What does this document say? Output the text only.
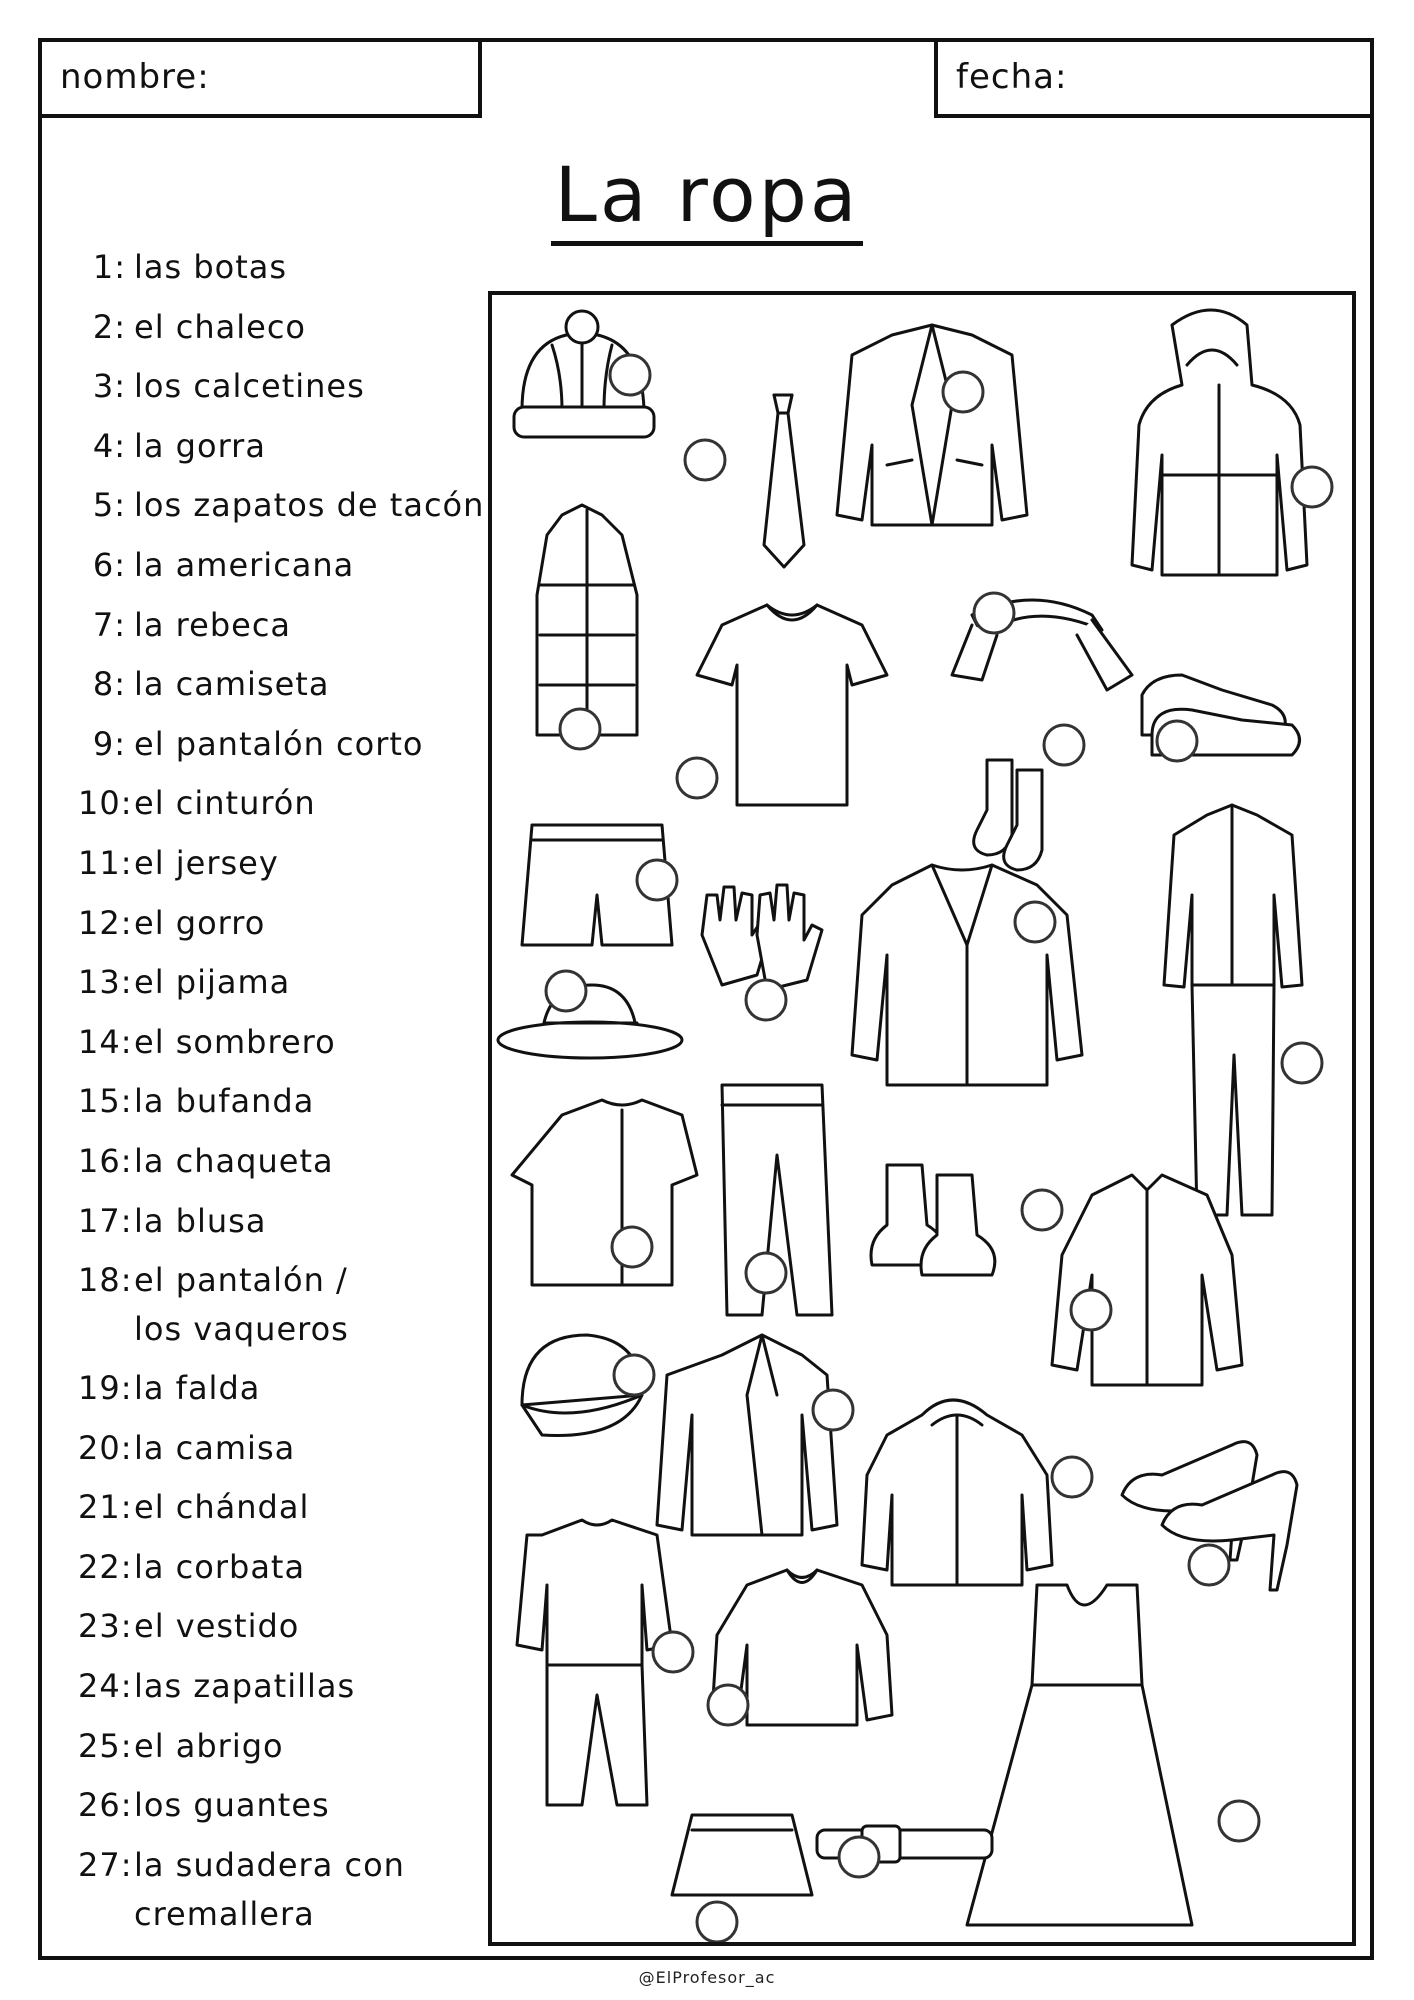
nombre:	fecha:
La ropa
1: las botas
2: el chaleco
3: los calcetines
4: la gorra
5: los zapatos de tacón
6: la americana
7: la rebeca
8: la camiseta
9: el pantalón corto
10:el cinturón
11:el jersey
12:el gorro
13:el pijama
14:el sombrero
15:la bufanda
16:la chaqueta
17:la blusa
18:el pantalón /
los vaqueros
19:la falda
20:la camisa
21:el chándal
22:la corbata
23:el vestido
24:las zapatillas
25:el abrigo
26:los guantes
27:la sudadera con
cremallera
@ElProfesor_ac
